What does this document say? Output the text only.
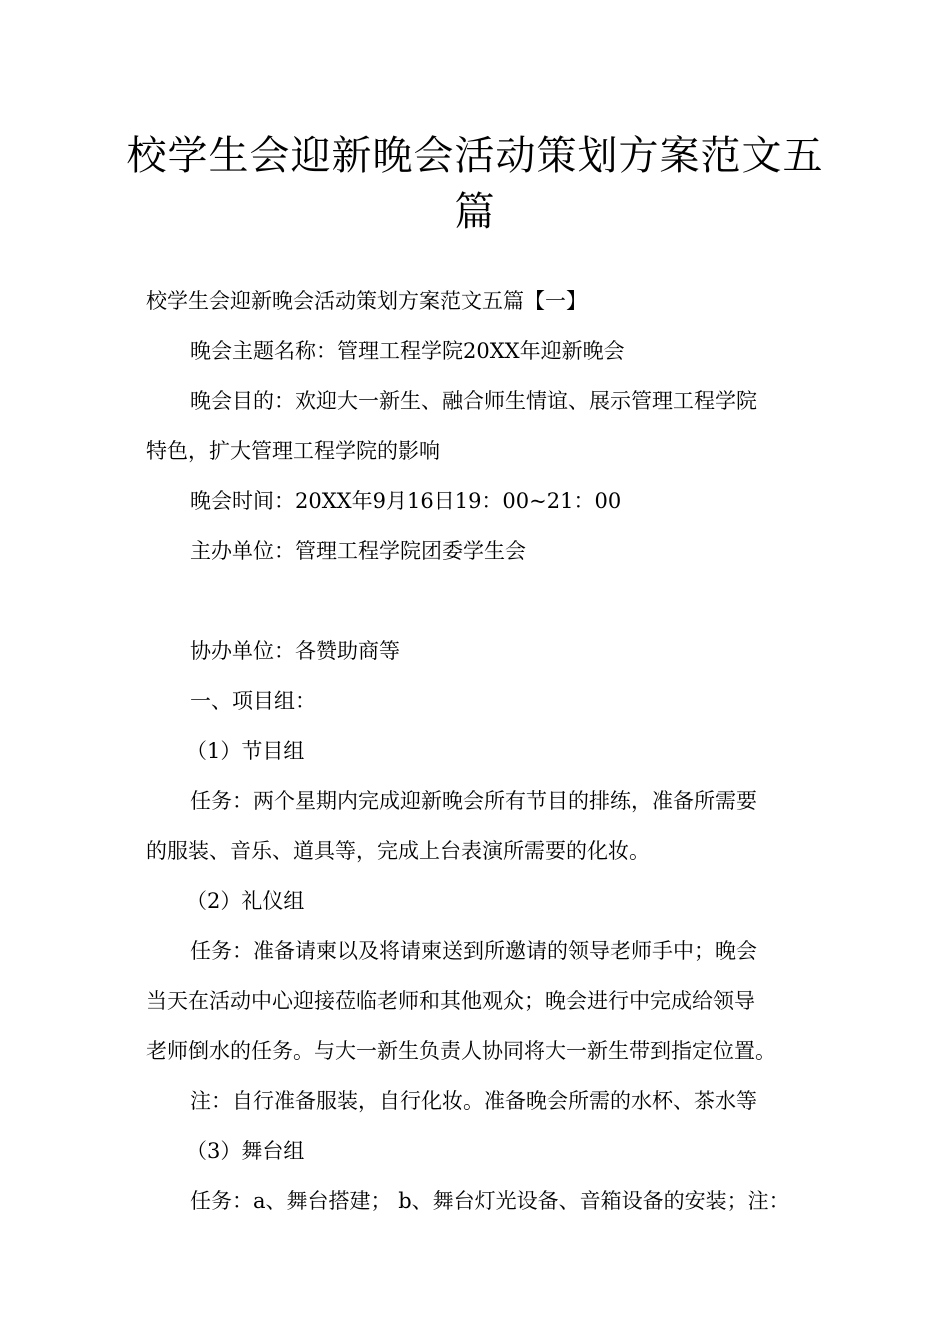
校学生会迎新晚会活动策划方案范文五篇
校学生会迎新晚会活动策划方案范文五篇【一】
晚会主题名称：管理工程学院20XX年迎新晚会
晚会目的：欢迎大一新生、融合师生情谊、展示管理工程学院
特色，扩大管理工程学院的影响
晚会时间：20XX年9月16日19：00~21：00
主办单位：管理工程学院团委学生会
协办单位：各赞助商等
一、项目组：
（1）节目组
任务：两个星期内完成迎新晚会所有节目的排练，准备所需要
的服装、音乐、道具等，完成上台表演所需要的化妆。
（2）礼仪组
任务：准备请柬以及将请柬送到所邀请的领导老师手中；晚会
当天在活动中心迎接莅临老师和其他观众；晚会进行中完成给领导
老师倒水的任务。与大一新生负责人协同将大一新生带到指定位置。
注：自行准备服装，自行化妆。准备晚会所需的水杯、茶水等
（3）舞台组
任务：a、舞台搭建； b、舞台灯光设备、音箱设备的安装；注：
